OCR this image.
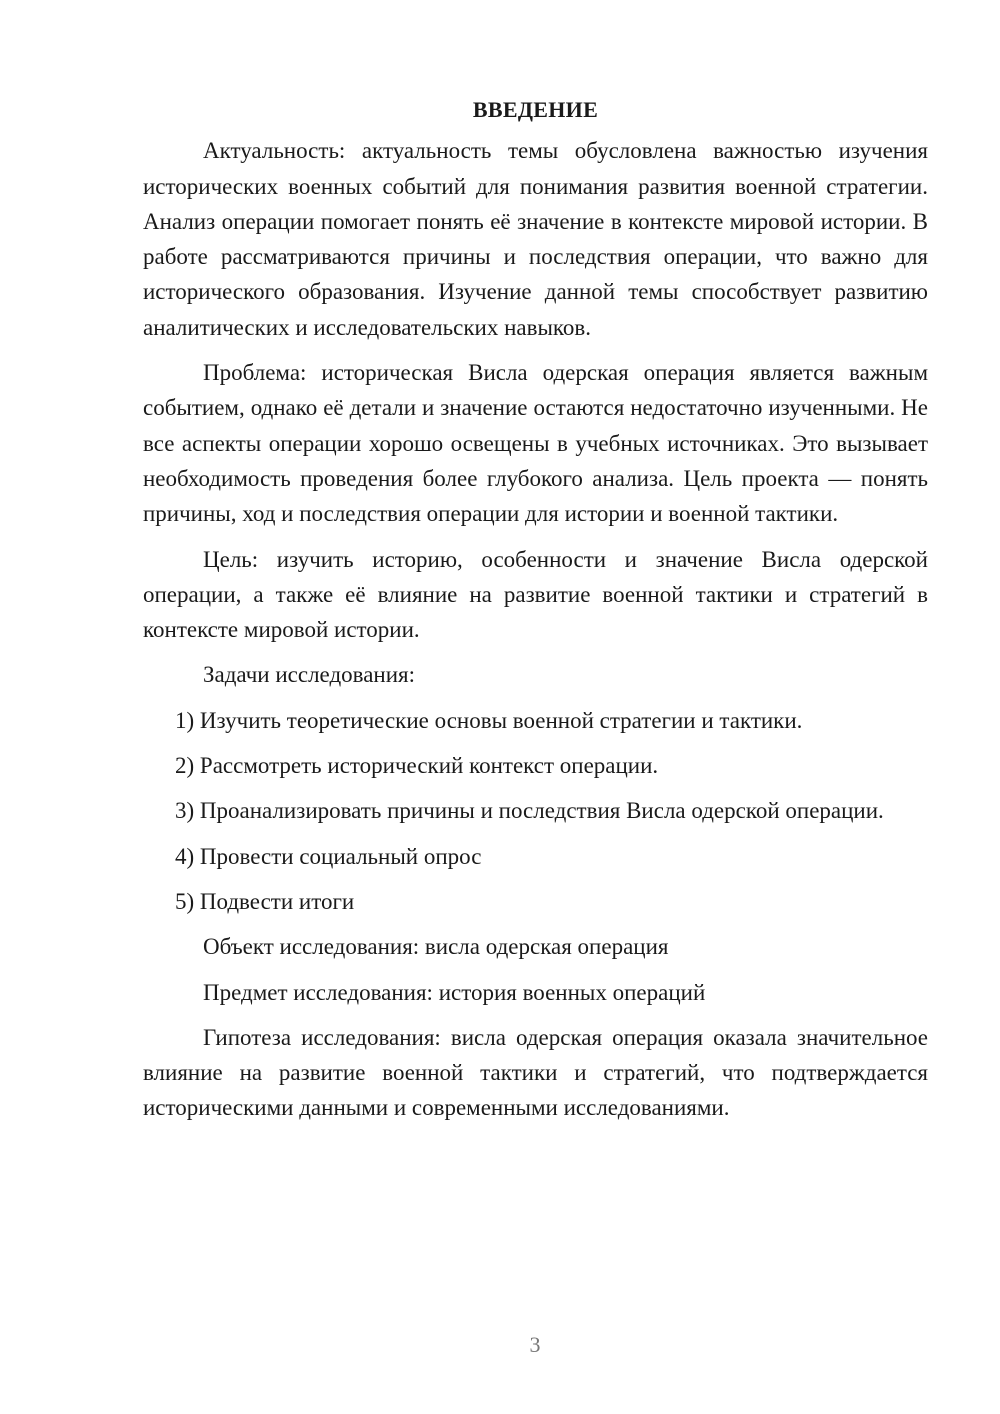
ВВЕДЕНИЕ

Актуальность: актуальность темы обусловлена важностью изучения исторических военных событий для понимания развития военной стратегии. Анализ операции помогает понять её значение в контексте мировой истории. В работе рассматриваются причины и последствия операции, что важно для исторического образования. Изучение данной темы способствует развитию аналитических и исследовательских навыков.

Проблема: историческая Висла одерская операция является важным событием, однако её детали и значение остаются недостаточно изученными. Не все аспекты операции хорошо освещены в учебных источниках. Это вызывает необходимость проведения более глубокого анализа. Цель проекта — понять причины, ход и последствия операции для истории и военной тактики.

Цель: изучить историю, особенности и значение Висла одерской операции, а также её влияние на развитие военной тактики и стратегий в контексте мировой истории.

Задачи исследования:

1) Изучить теоретические основы военной стратегии и тактики.

2) Рассмотреть исторический контекст операции.

3) Проанализировать причины и последствия Висла одерской операции.

4) Провести социальный опрос

5) Подвести итоги

Объект исследования: висла одерская операция

Предмет исследования: история военных операций

Гипотеза исследования: висла одерская операция оказала значительное влияние на развитие военной тактики и стратегий, что подтверждается историческими данными и современными исследованиями.

3
